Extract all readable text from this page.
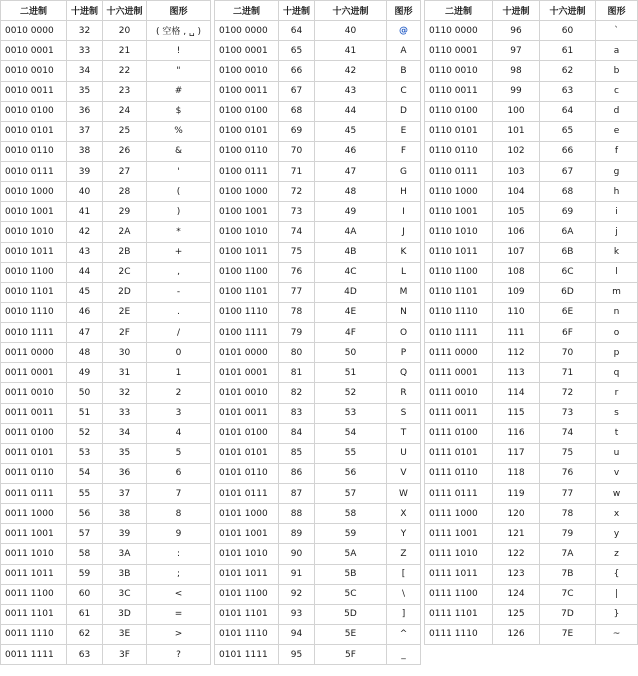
二进制	十进制	十六进制	图形
0010 0000	32	20	( 空格 , ␣ )
0010 0001	33	21	!
0010 0010	34	22	"
0010 0011	35	23	#
0010 0100	36	24	$
0010 0101	37	25	%
0010 0110	38	26	&
0010 0111	39	27	'
0010 1000	40	28	(
0010 1001	41	29	)
0010 1010	42	2A	*
0010 1011	43	2B	+
0010 1100	44	2C	,
0010 1101	45	2D	-
0010 1110	46	2E	.
0010 1111	47	2F	/
0011 0000	48	30	0
0011 0001	49	31	1
0011 0010	50	32	2
0011 0011	51	33	3
0011 0100	52	34	4
0011 0101	53	35	5
0011 0110	54	36	6
0011 0111	55	37	7
0011 1000	56	38	8
0011 1001	57	39	9
0011 1010	58	3A	:
0011 1011	59	3B	;
0011 1100	60	3C	<
0011 1101	61	3D	=
0011 1110	62	3E	>
0011 1111	63	3F	?
二进制	十进制	十六进制	图形
0100 0000	64	40	@
0100 0001	65	41	A
0100 0010	66	42	B
0100 0011	67	43	C
0100 0100	68	44	D
0100 0101	69	45	E
0100 0110	70	46	F
0100 0111	71	47	G
0100 1000	72	48	H
0100 1001	73	49	I
0100 1010	74	4A	J
0100 1011	75	4B	K
0100 1100	76	4C	L
0100 1101	77	4D	M
0100 1110	78	4E	N
0100 1111	79	4F	O
0101 0000	80	50	P
0101 0001	81	51	Q
0101 0010	82	52	R
0101 0011	83	53	S
0101 0100	84	54	T
0101 0101	85	55	U
0101 0110	86	56	V
0101 0111	87	57	W
0101 1000	88	58	X
0101 1001	89	59	Y
0101 1010	90	5A	Z
0101 1011	91	5B	[
0101 1100	92	5C	\
0101 1101	93	5D	]
0101 1110	94	5E	^
0101 1111	95	5F	_
二进制	十进制	十六进制	图形
0110 0000	96	60	`
0110 0001	97	61	a
0110 0010	98	62	b
0110 0011	99	63	c
0110 0100	100	64	d
0110 0101	101	65	e
0110 0110	102	66	f
0110 0111	103	67	g
0110 1000	104	68	h
0110 1001	105	69	i
0110 1010	106	6A	j
0110 1011	107	6B	k
0110 1100	108	6C	l
0110 1101	109	6D	m
0110 1110	110	6E	n
0110 1111	111	6F	o
0111 0000	112	70	p
0111 0001	113	71	q
0111 0010	114	72	r
0111 0011	115	73	s
0111 0100	116	74	t
0111 0101	117	75	u
0111 0110	118	76	v
0111 0111	119	77	w
0111 1000	120	78	x
0111 1001	121	79	y
0111 1010	122	7A	z
0111 1011	123	7B	{
0111 1100	124	7C	|
0111 1101	125	7D	}
0111 1110	126	7E	~
